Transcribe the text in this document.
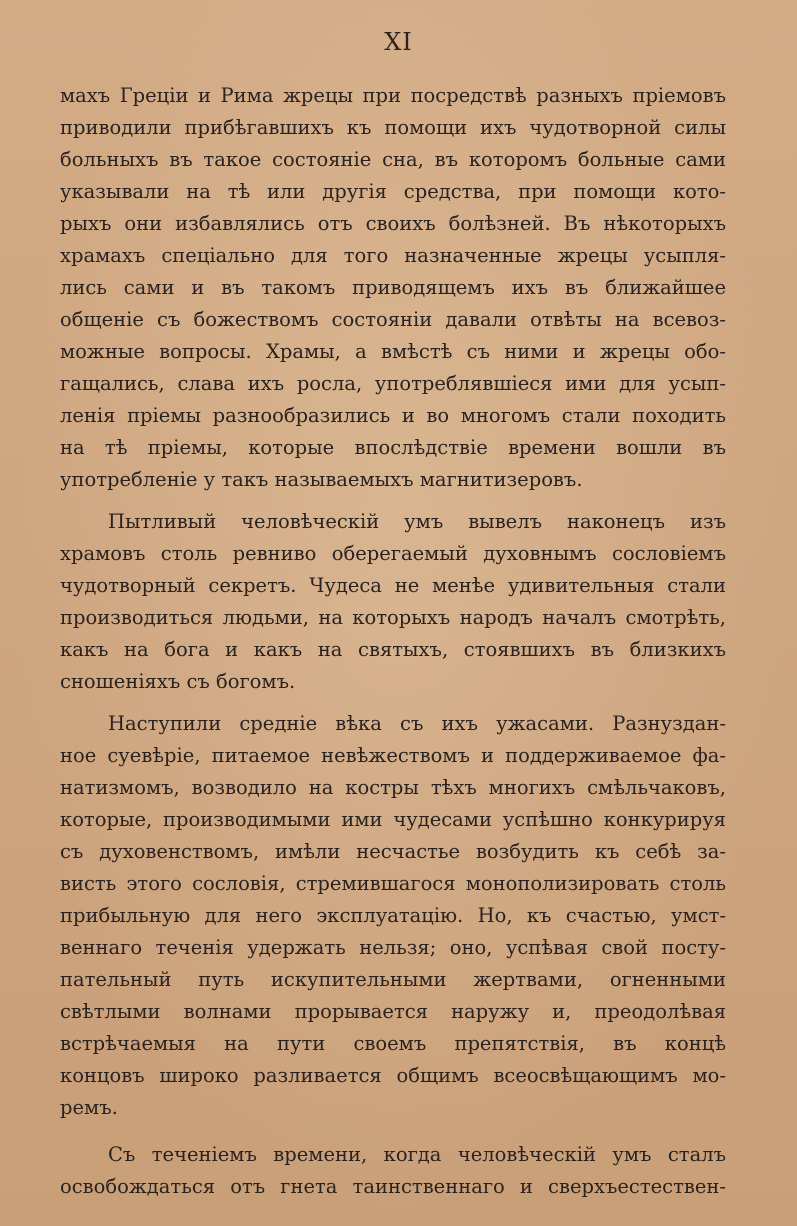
XI
махъ Греціи и Рима жрецы при посредствѣ разныхъ пріемовъ
приводили прибѣгавшихъ къ помощи ихъ чудотворной силы
больныхъ въ такое состояніе сна, въ которомъ больные сами
указывали на тѣ или другія средства, при помощи кото-
рыхъ они избавлялись отъ своихъ болѣзней. Въ нѣкоторыхъ
храмахъ спеціально для того назначенные жрецы усыпля-
лись сами и въ такомъ приводящемъ ихъ въ ближайшее
общеніе съ божествомъ состояніи давали отвѣты на всевоз-
можные вопросы. Храмы, а вмѣстѣ съ ними и жрецы обо-
гащались, слава ихъ росла, употреблявшіеся ими для усып-
ленія пріемы разнообразились и во многомъ стали походить
на тѣ пріемы, которые впослѣдствіе времени вошли въ
употребленіе у такъ называемыхъ магнитизеровъ.
Пытливый человѣческій умъ вывелъ наконецъ изъ
храмовъ столь ревниво оберегаемый духовнымъ сословіемъ
чудотворный секретъ. Чудеса не менѣе удивительныя стали
производиться людьми, на которыхъ народъ началъ смотрѣть,
какъ на бога и какъ на святыхъ, стоявшихъ въ близкихъ
сношеніяхъ съ богомъ.
Наступили средніе вѣка съ ихъ ужасами. Разнуздан-
ное суевѣріе, питаемое невѣжествомъ и поддерживаемое фа-
натизмомъ, возводило на костры тѣхъ многихъ смѣльчаковъ,
которые, производимыми ими чудесами успѣшно конкурируя
съ духовенствомъ, имѣли несчастье возбудить къ себѣ за-
висть этого сословія, стремившагося монополизировать столь
прибыльную для него эксплуатацію. Но, къ счастью, умст-
веннаго теченія удержать нельзя; оно, успѣвая свой посту-
пательный путь искупительными жертвами, огненными
свѣтлыми волнами прорывается наружу и, преодолѣвая
встрѣчаемыя на пути своемъ препятствія, въ концѣ
концовъ широко разливается общимъ всеосвѣщающимъ мо-
ремъ.
Съ теченіемъ времени, когда человѣческій умъ сталъ
освобождаться отъ гнета таинственнаго и сверхъестествен-
